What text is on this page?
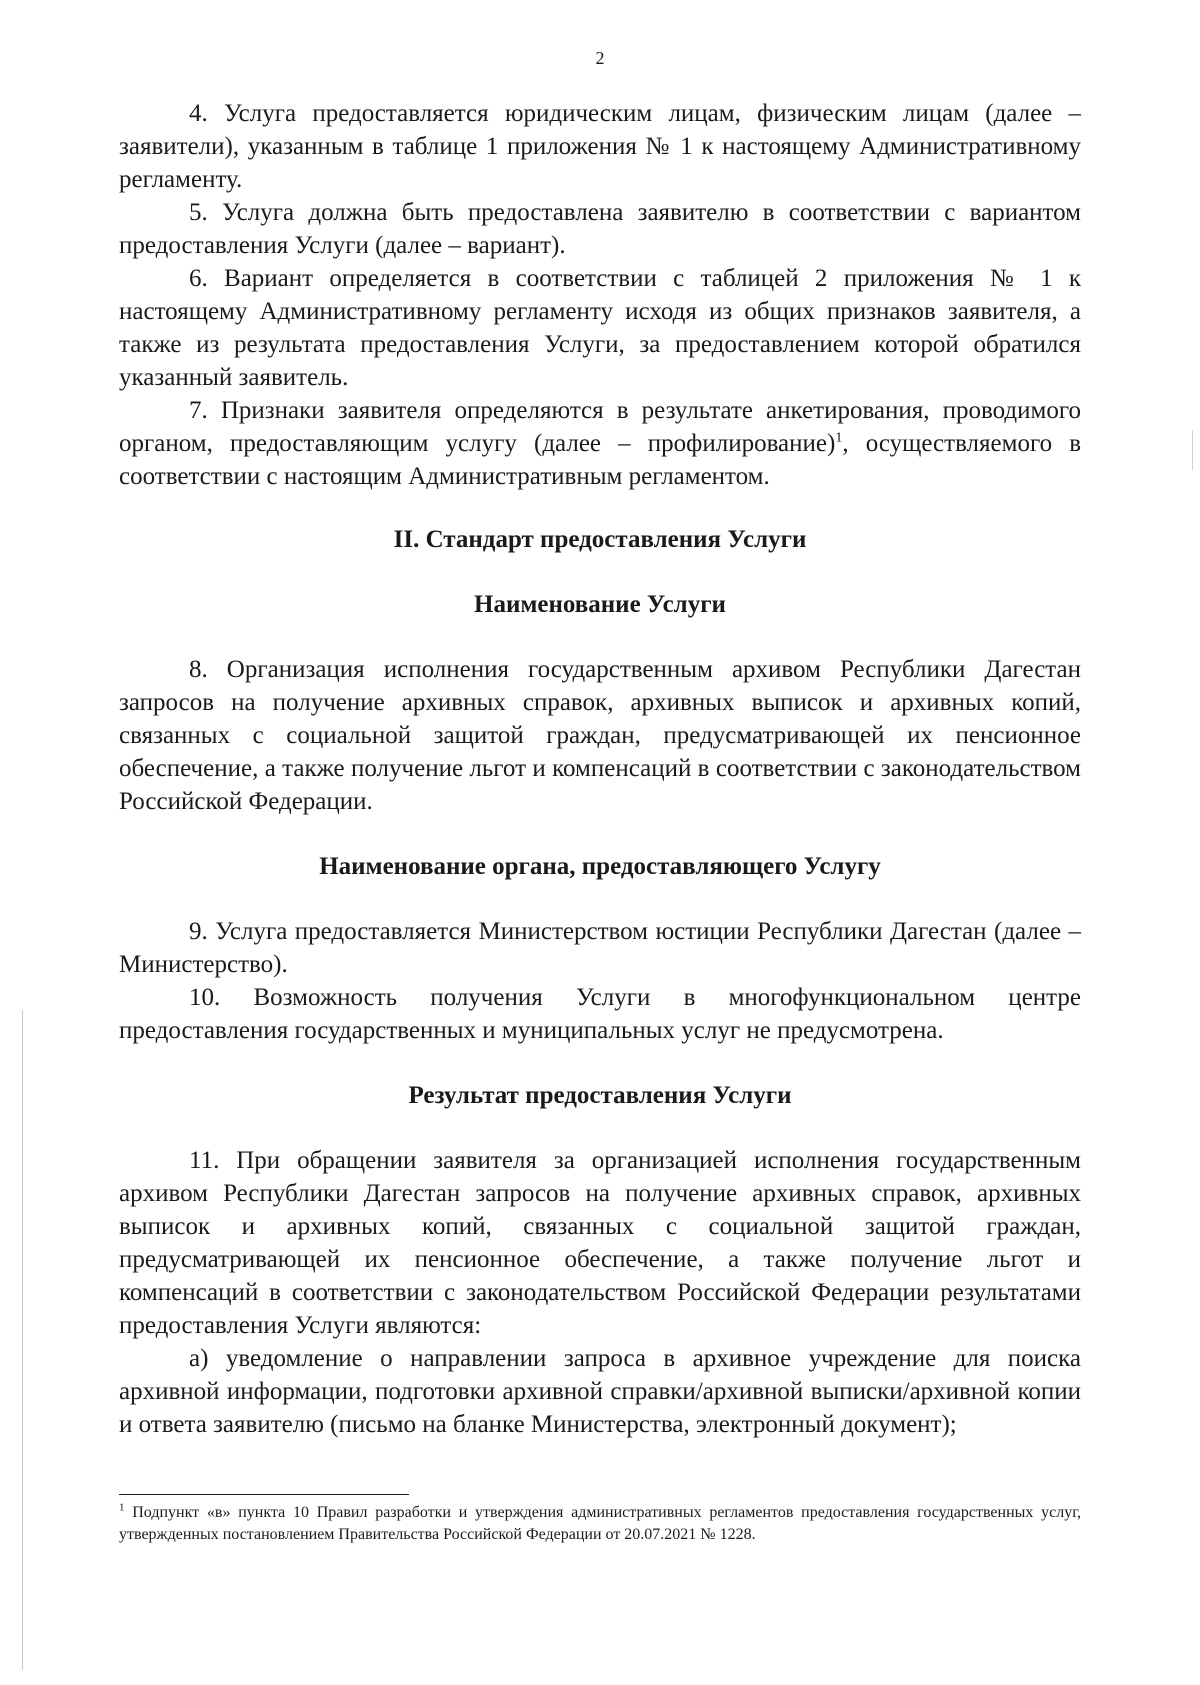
2

4. Услуга предоставляется юридическим лицам, физическим лицам (далее – заявители), указанным в таблице 1 приложения № 1 к настоящему Административному регламенту.

5. Услуга должна быть предоставлена заявителю в соответствии с вариантом предоставления Услуги (далее – вариант).

6. Вариант определяется в соответствии с таблицей 2 приложения № 1 к настоящему Административному регламенту исходя из общих признаков заявителя, а также из результата предоставления Услуги, за предоставлением которой обратился указанный заявитель.

7. Признаки заявителя определяются в результате анкетирования, проводимого органом, предоставляющим услугу (далее – профилирование)$^1$, осуществляемого в соответствии с настоящим Административным регламентом.

II. Стандарт предоставления Услуги
Наименование Услуги

8. Организация исполнения государственным архивом Республики Дагестан запросов на получение архивных справок, архивных выписок и архивных копий, связанных с социальной защитой граждан, предусматривающей их пенсионное обеспечение, а также получение льгот и компенсаций в соответствии с законодательством Российской Федерации.

Наименование органа, предоставляющего Услугу

9. Услуга предоставляется Министерством юстиции Республики Дагестан (далее – Министерство).

10. Возможность получения Услуги в многофункциональном центре предоставления государственных и муниципальных услуг не предусмотрена.

Результат предоставления Услуги

11. При обращении заявителя за организацией исполнения государственным архивом Республики Дагестан запросов на получение архивных справок, архивных выписок и архивных копий, связанных с социальной защитой граждан, предусматривающей их пенсионное обеспечение, а также получение льгот и компенсаций в соответствии с законодательством Российской Федерации результатами предоставления Услуги являются:

а) уведомление о направлении запроса в архивное учреждение для поиска архивной информации, подготовки архивной справки/архивной выписки/архивной копии и ответа заявителю (письмо на бланке Министерства, электронный документ);

$^1$ Подпункт «в» пункта 10 Правил разработки и утверждения административных регламентов предоставления государственных услуг, утвержденных постановлением Правительства Российской Федерации от 20.07.2021 № 1228.
